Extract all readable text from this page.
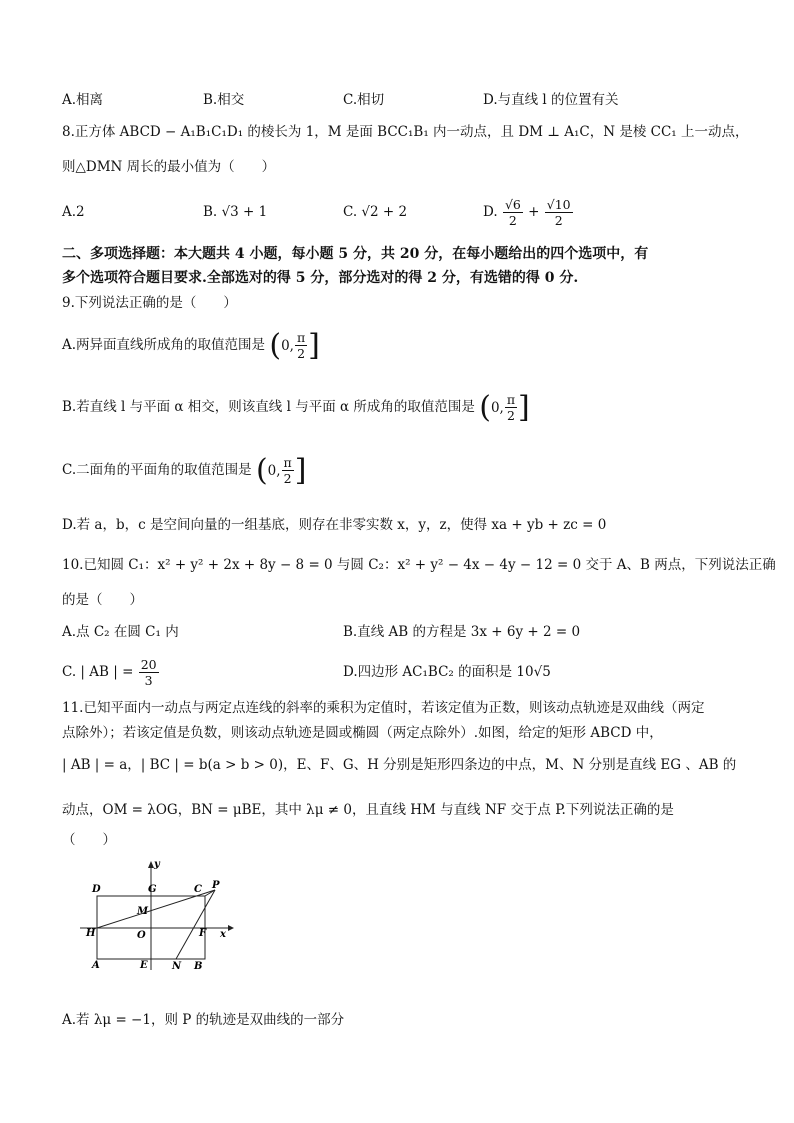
A.相离	B.相交	C.相切	D.与直线 l 的位置有关
8.正方体 ABCD − A₁B₁C₁D₁ 的棱长为 1，M 是面 BCC₁B₁ 内一动点，且 DM ⊥ A₁C，N 是棱 CC₁ 上一动点，
则△DMN 周长的最小值为（　　）
A.2	B. √3 + 1	C. √2 + 2	D. $\frac{√6}{2} + \frac{√10}{2}$
二、多项选择题：本大题共 4 小题，每小题 5 分，共 20 分，在每小题给出的四个选项中，有
多个选项符合题目要求.全部选对的得 5 分，部分选对的得 2 分，有选错的得 0 分.
9.下列说法正确的是（　　）
A.两异面直线所成角的取值范围是 ( 0, $\frac{\pi}{2}$ ]
B.若直线 l 与平面 α 相交，则该直线 l 与平面 α 所成角的取值范围是 ( 0, $\frac{\pi}{2}$ ]
C.二面角的平面角的取值范围是 ( 0, $\frac{\pi}{2}$ ]
D.若 a，b，c 是空间向量的一组基底，则存在非零实数 x，y，z，使得 xa + yb + zc = 0
10.已知圆 C₁：x² + y² + 2x + 8y − 8 = 0 与圆 C₂：x² + y² − 4x − 4y − 12 = 0 交于 A、B 两点，下列说法正确
的是（　　）
A.点 C₂ 在圆 C₁ 内	B.直线 AB 的方程是 3x + 6y + 2 = 0
C. | AB | = $\frac{20}{3}$	D.四边形 AC₁BC₂ 的面积是 10√5
11.已知平面内一动点与两定点连线的斜率的乘积为定值时，若该定值为正数，则该动点轨迹是双曲线（两定
点除外）；若该定值是负数，则该动点轨迹是圆或椭圆（两定点除外）.如图，给定的矩形 ABCD 中，
| AB | = a，| BC | = b(a > b > 0)，E、F、G、H 分别是矩形四条边的中点，M、N 分别是直线 EG 、AB 的
动点，OM = λOG，BN = μBE，其中 λμ ≠ 0，且直线 HM 与直线 NF 交于点 P.下列说法正确的是
（　　）
y
x
D	G	C P
M
H	O	F
A	E N B
A.若 λμ = −1，则 P 的轨迹是双曲线的一部分
